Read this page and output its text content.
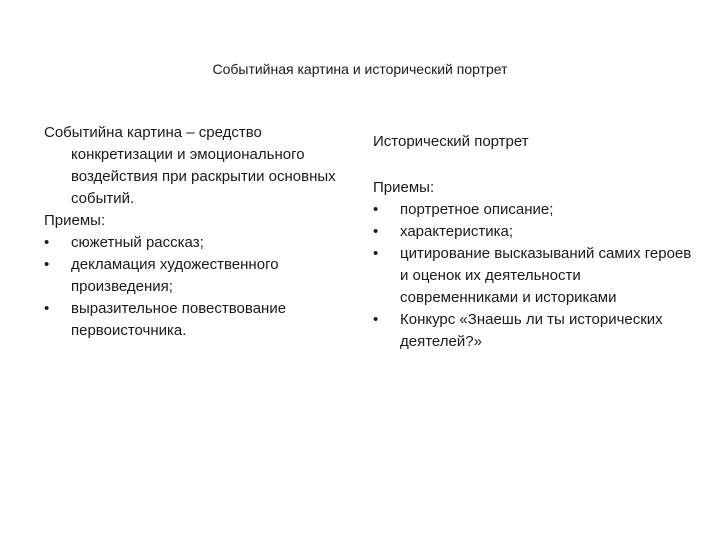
Событийная картина и исторический портрет

Событийна картина – средство конкретизации и эмоционального воздействия при раскрытии основных событий.

Приемы:

•	сюжетный рассказ;
•	декламация художественного произведения;
•	выразительное повествование первоисточника.

Исторический портрет

Приемы:

•	портретное описание;
•	характеристика;
•	цитирование высказываний самих героев и оценок их деятельности современниками и историками
•	Конкурс «Знаешь ли ты исторических деятелей?»
